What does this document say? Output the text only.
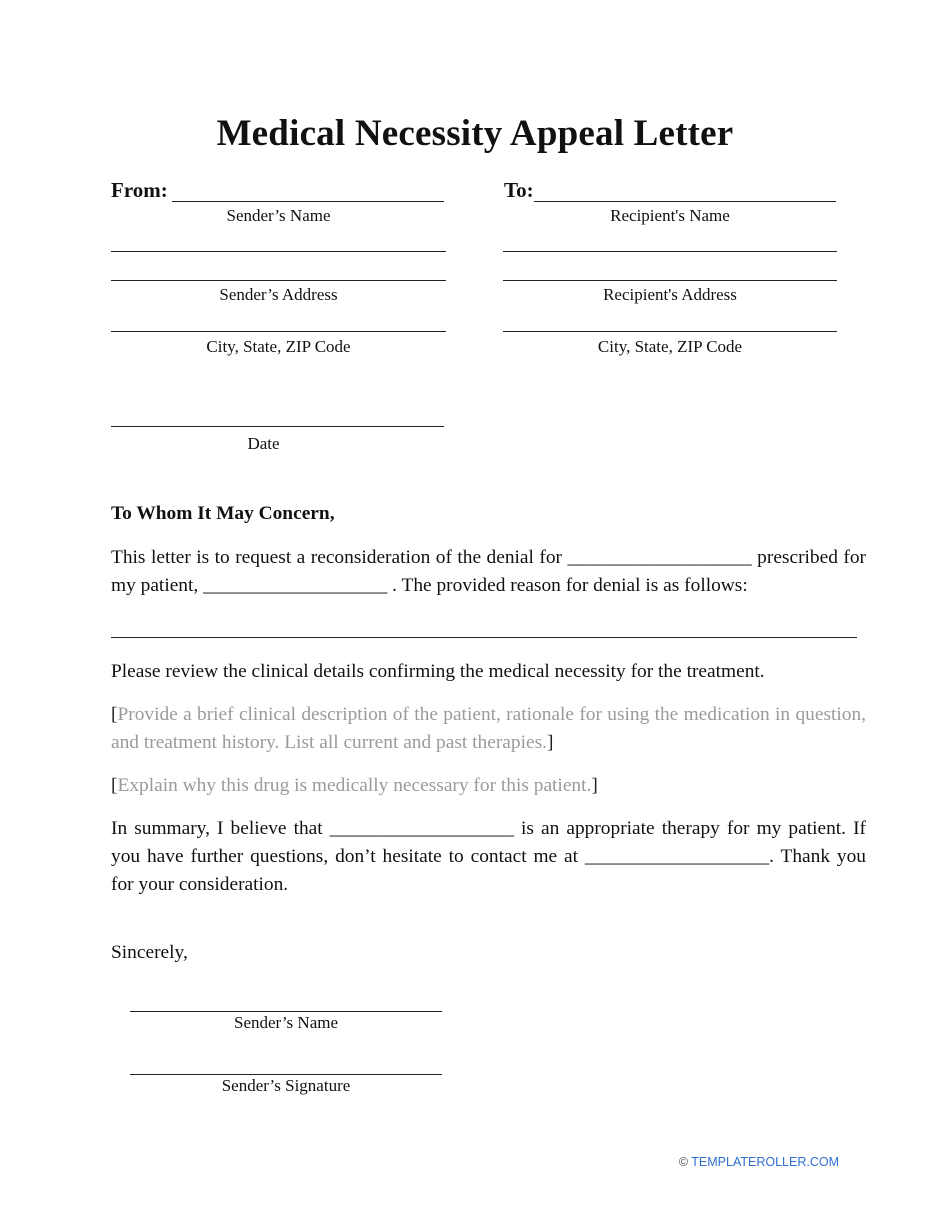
Medical Necessity Appeal Letter
From:
Sender’s Name
Sender’s Address
City, State, ZIP Code
To:
Recipient's Name
Recipient's Address
City, State, ZIP Code
Date
To Whom It May Concern,
This letter is to request a reconsideration of the denial for ___________________ prescribed for my patient, ___________________ . The provided reason for denial is as follows:
Please review the clinical details confirming the medical necessity for the treatment.
[Provide a brief clinical description of the patient, rationale for using the medication in question, and treatment history. List all current and past therapies.]
[Explain why this drug is medically necessary for this patient.]
In summary, I believe that ___________________ is an appropriate therapy for my patient. If you have further questions, don’t hesitate to contact me at ___________________. Thank you for your consideration.
Sincerely,
Sender’s Name
Sender’s Signature
© TEMPLATEROLLER.COM
